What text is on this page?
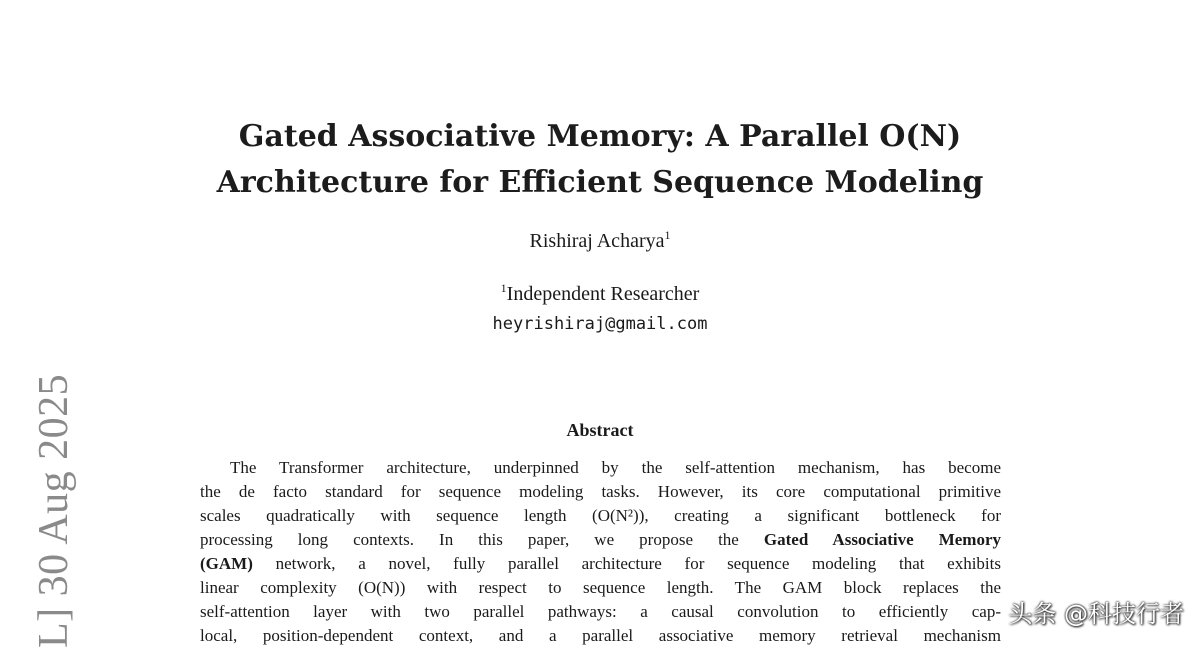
Gated Associative Memory: A Parallel O(N)
Architecture for Efficient Sequence Modeling
Rishiraj Acharya$^1$
$^1$Independent Researcher
heyrishiraj@gmail.com
L] 30 Aug 2025	Abstract
The Transformer architecture, underpinned by the self-attention mechanism, has become
the de facto standard for sequence modeling tasks. However, its core computational primitive
scales quadratically with sequence length (O(N²)), creating a significant bottleneck for
processing long contexts. In this paper, we propose the Gated Associative Memory
(GAM) network, a novel, fully parallel architecture for sequence modeling that exhibits
linear complexity (O(N)) with respect to sequence length. The GAM block replaces the
self-attention layer with two parallel pathways: a causal convolution to efficiently cap-
local, position-dependent context, and a parallel associative memory retrieval mechanism
头条 @科技行者
